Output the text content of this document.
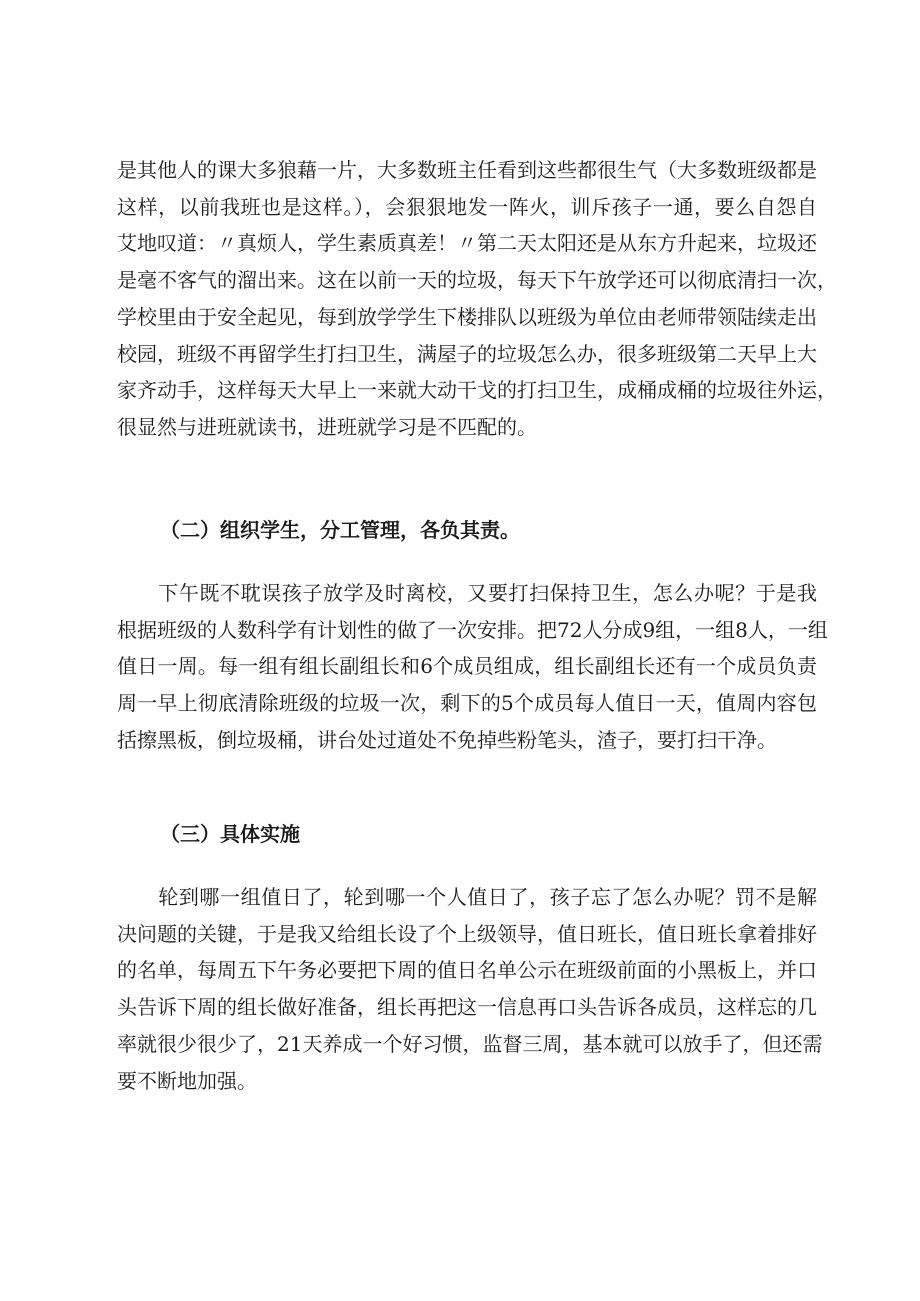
是其他人的课大多狼藉一片，大多数班主任看到这些都很生气（大多数班级都是
这样，以前我班也是这样。），会狠狠地发一阵火，训斥孩子一通，要么自怨自
艾地叹道：〃真烦人，学生素质真差！〃第二天太阳还是从东方升起来，垃圾还
是毫不客气的溜出来。这在以前一天的垃圾，每天下午放学还可以彻底清扫一次，
学校里由于安全起见，每到放学学生下楼排队以班级为单位由老师带领陆续走出
校园，班级不再留学生打扫卫生，满屋子的垃圾怎么办，很多班级第二天早上大
家齐动手，这样每天大早上一来就大动干戈的打扫卫生，成桶成桶的垃圾往外运，
很显然与进班就读书，进班就学习是不匹配的。
（二）组织学生，分工管理，各负其责。
　　下午既不耽误孩子放学及时离校，又要打扫保持卫生，怎么办呢？于是我
根据班级的人数科学有计划性的做了一次安排。把72人分成9组，一组8人，一组
值日一周。每一组有组长副组长和6个成员组成，组长副组长还有一个成员负责
周一早上彻底清除班级的垃圾一次，剩下的5个成员每人值日一天，值周内容包
括擦黑板，倒垃圾桶，讲台处过道处不免掉些粉笔头，渣子，要打扫干净。
（三）具体实施
　　轮到哪一组值日了，轮到哪一个人值日了，孩子忘了怎么办呢？罚不是解
决问题的关键，于是我又给组长设了个上级领导，值日班长，值日班长拿着排好
的名单，每周五下午务必要把下周的值日名单公示在班级前面的小黑板上，并口
头告诉下周的组长做好准备，组长再把这一信息再口头告诉各成员，这样忘的几
率就很少很少了，21天养成一个好习惯，监督三周，基本就可以放手了，但还需
要不断地加强。
